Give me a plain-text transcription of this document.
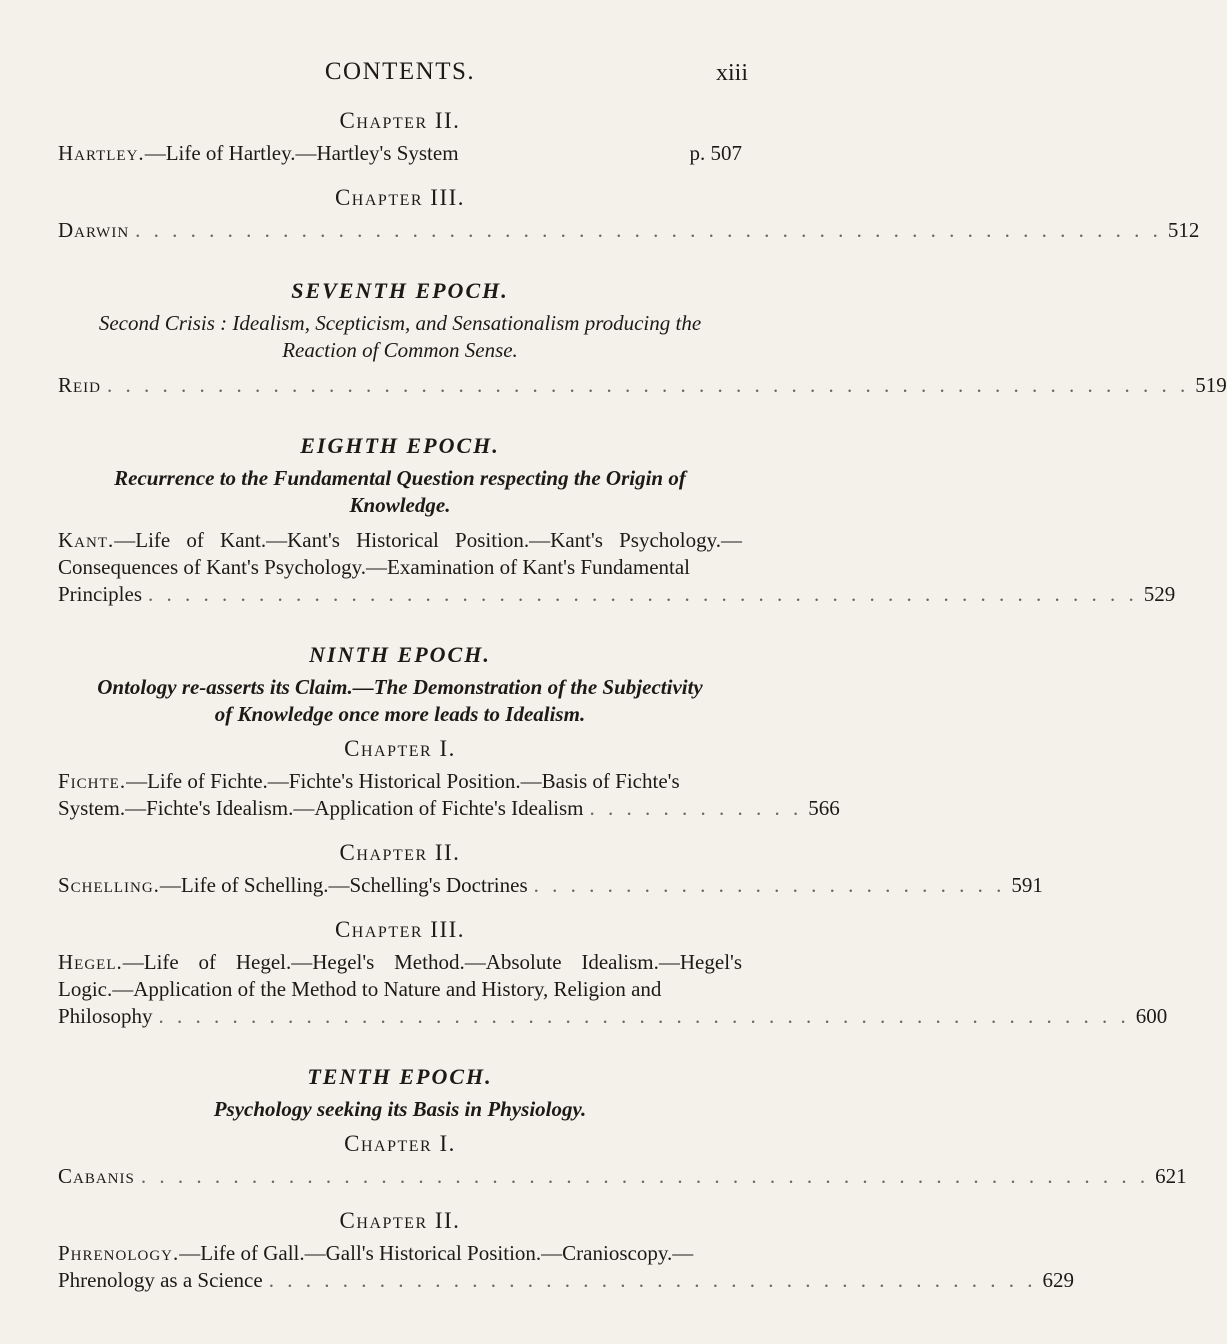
CONTENTS.	xiii
Chapter II.
Hartley.—Life of Hartley.—Hartley's System	p. 507
Chapter III.
Darwin . . . . . . . . . . . . . . . . . . . . . . . . . . . . . . . . . . . . . . . . . . . . . . . . . . . . . . . . 512
SEVENTH EPOCH.
Second Crisis : Idealism, Scepticism, and Sensationalism producing the Reaction of Common Sense.
Reid . . . . . . . . . . . . . . . . . . . . . . . . . . . . . . . . . . . . . . . . . . . . . . . . . . . . . . . . . . . 519
EIGHTH EPOCH.
Recurrence to the Fundamental Question respecting the Origin of Knowledge.
Kant.—Life of Kant.—Kant's Historical Position.—Kant's Psychology.—Consequences of Kant's Psychology.—Examination of Kant's Fundamental
Principles . . . . . . . . . . . . . . . . . . . . . . . . . . . . . . . . . . . . . . . . . . . . . . . . . . . . . . 529
NINTH EPOCH.
Ontology re-asserts its Claim.—The Demonstration of the Subjectivity of Knowledge once more leads to Idealism.
Chapter I.
Fichte.—Life of Fichte.—Fichte's Historical Position.—Basis of Fichte's
System.—Fichte's Idealism.—Application of Fichte's Idealism . . . . . . . . . . . . 566
Chapter II.
Schelling.—Life of Schelling.—Schelling's Doctrines . . . . . . . . . . . . . . . . . . . . . . . . . . 591
Chapter III.
Hegel.—Life of Hegel.—Hegel's Method.—Absolute Idealism.—Hegel's Logic.—Application of the Method to Nature and History, Religion and
Philosophy . . . . . . . . . . . . . . . . . . . . . . . . . . . . . . . . . . . . . . . . . . . . . . . . . . . . . 600
TENTH EPOCH.
Psychology seeking its Basis in Physiology.
Chapter I.
Cabanis . . . . . . . . . . . . . . . . . . . . . . . . . . . . . . . . . . . . . . . . . . . . . . . . . . . . . . . 621
Chapter II.
Phrenology.—Life of Gall.—Gall's Historical Position.—Cranioscopy.—
Phrenology as a Science . . . . . . . . . . . . . . . . . . . . . . . . . . . . . . . . . . . . . . . . . . 629
